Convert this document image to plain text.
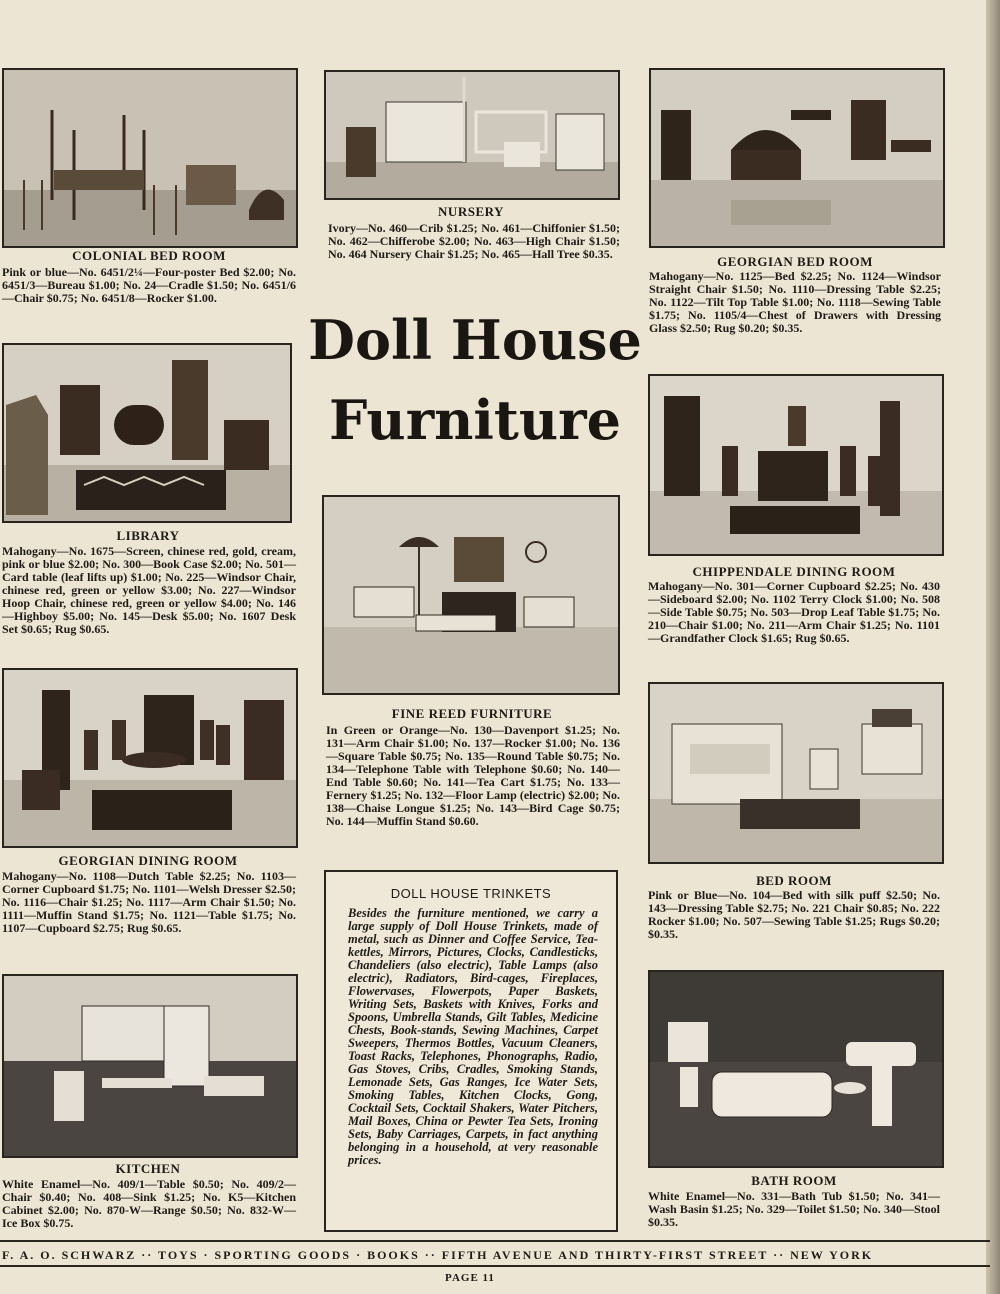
COLONIAL BED ROOM
Pink or blue—No. 6451/2¼—Four-poster Bed $2.00; No. 6451/3—Bureau $1.00; No. 24—Cradle $1.50; No. 6451/6—Chair $0.75; No. 6451/8—Rocker $1.00.
LIBRARY
Mahogany—No. 1675—Screen, chinese red, gold, cream, pink or blue $2.00; No. 300—Book Case $2.00; No. 501—Card table (leaf lifts up) $1.00; No. 225—Windsor Chair, chinese red, green or yellow $3.00; No. 227—Windsor Hoop Chair, chinese red, green or yellow $4.00; No. 146—Highboy $5.00; No. 145—Desk $5.00; No. 1607 Desk Set $0.65; Rug $0.65.
GEORGIAN DINING ROOM
Mahogany—No. 1108—Dutch Table $2.25; No. 1103—Corner Cupboard $1.75; No. 1101—Welsh Dresser $2.50; No. 1116—Chair $1.25; No. 1117—Arm Chair $1.50; No. 1111—Muffin Stand $1.75; No. 1121—Table $1.75; No. 1107—Cupboard $2.75; Rug $0.65.
KITCHEN
White Enamel—No. 409/1—Table $0.50; No. 409/2—Chair $0.40; No. 408—Sink $1.25; No. K5—Kitchen Cabinet $2.00; No. 870-W—Range $0.50; No. 832-W—Ice Box $0.75.
NURSERY
Ivory—No. 460—Crib $1.25; No. 461—Chiffonier $1.50; No. 462—Chifferobe $2.00; No. 463—High Chair $1.50; No. 464 Nursery Chair $1.25; No. 465—Hall Tree $0.35.
Doll House
Furniture
FINE REED FURNITURE
In Green or Orange—No. 130—Davenport $1.25; No. 131—Arm Chair $1.00; No. 137—Rocker $1.00; No. 136—Square Table $0.75; No. 135—Round Table $0.75; No. 134—Telephone Table with Telephone $0.60; No. 140—End Table $0.60; No. 141—Tea Cart $1.75; No. 133—Fernery $1.25; No. 132—Floor Lamp (electric) $2.00; No. 138—Chaise Longue $1.25; No. 143—Bird Cage $0.75; No. 144—Muffin Stand $0.60.
DOLL HOUSE TRINKETS
Besides the furniture mentioned, we carry a large supply of Doll House Trinkets, made of metal, such as Dinner and Coffee Service, Tea-kettles, Mirrors, Pictures, Clocks, Candlesticks, Chandeliers (also electric), Table Lamps (also electric), Radiators, Bird-cages, Fireplaces, Flowervases, Flowerpots, Paper Baskets, Writing Sets, Baskets with Knives, Forks and Spoons, Umbrella Stands, Gilt Tables, Medicine Chests, Book-stands, Sewing Machines, Carpet Sweepers, Thermos Bottles, Vacuum Cleaners, Toast Racks, Telephones, Phonographs, Radio, Gas Stoves, Cribs, Cradles, Smoking Stands, Lemonade Sets, Gas Ranges, Ice Water Sets, Smoking Tables, Kitchen Clocks, Gong, Cocktail Sets, Cocktail Shakers, Water Pitchers, Mail Boxes, China or Pewter Tea Sets, Ironing Sets, Baby Carriages, Carpets, in fact anything belonging in a household, at very reasonable prices.
GEORGIAN BED ROOM
Mahogany—No. 1125—Bed $2.25; No. 1124—Windsor Straight Chair $1.50; No. 1110—Dressing Table $2.25; No. 1122—Tilt Top Table $1.00; No. 1118—Sewing Table $1.75; No. 1105/4—Chest of Drawers with Dressing Glass $2.50; Rug $0.20; $0.35.
CHIPPENDALE DINING ROOM
Mahogany—No. 301—Corner Cupboard $2.25; No. 430—Sideboard $2.00; No. 1102 Terry Clock $1.00; No. 508—Side Table $0.75; No. 503—Drop Leaf Table $1.75; No. 210—Chair $1.00; No. 211—Arm Chair $1.25; No. 1101—Grandfather Clock $1.65; Rug $0.65.
BED ROOM
Pink or Blue—No. 104—Bed with silk puff $2.50; No. 143—Dressing Table $2.75; No. 221 Chair $0.85; No. 222 Rocker $1.00; No. 507—Sewing Table $1.25; Rugs $0.20; $0.35.
BATH ROOM
White Enamel—No. 331—Bath Tub $1.50; No. 341—Wash Basin $1.25; No. 329—Toilet $1.50; No. 340—Stool $0.35.
F. A. O. SCHWARZ ·· TOYS · SPORTING GOODS · BOOKS ·· FIFTH AVENUE AND THIRTY-FIRST STREET ·· NEW YORK
PAGE 11
